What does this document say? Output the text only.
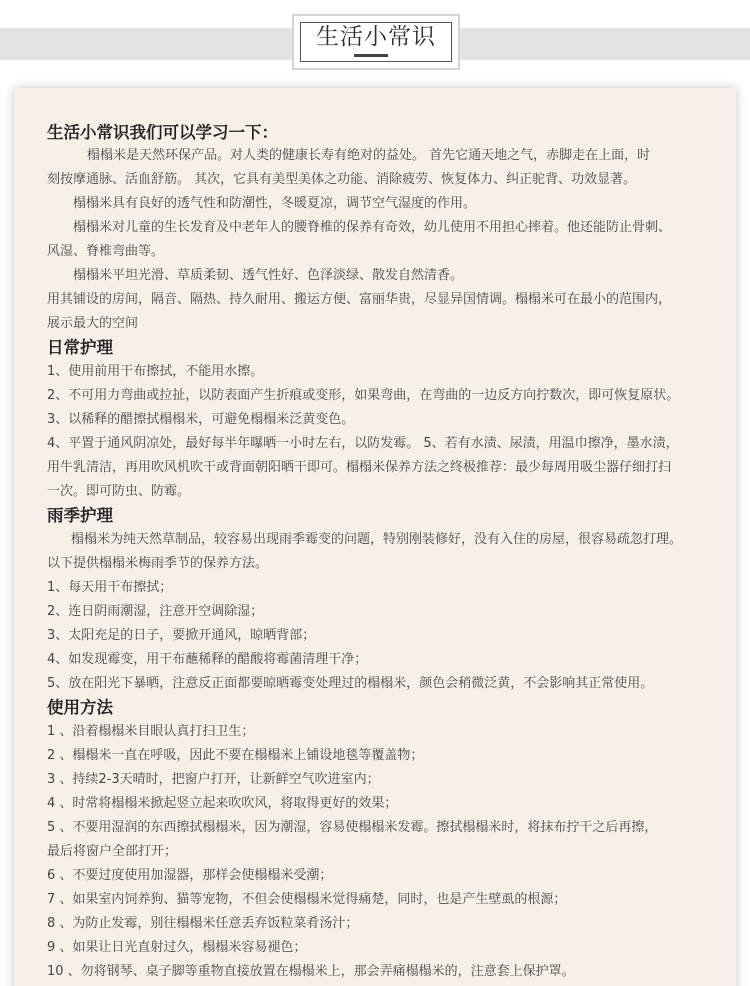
生活小常识
生活小常识我们可以学习一下：

榻榻米是天然环保产品。对人类的健康长寿有绝对的益处。 首先它通天地之气，赤脚走在上面，时

刻按摩通脉、活血舒筋。 其次，它具有美型美体之功能、消除疲劳、恢复体力、纠正驼背、功效显著。

榻榻米具有良好的透气性和防潮性，冬暖夏凉，调节空气湿度的作用。

榻榻米对儿童的生长发育及中老年人的腰脊椎的保养有奇效，幼儿使用不用担心摔着。他还能防止骨刺、

风湿、脊椎弯曲等。

榻榻米平坦光滑、草质柔韧、透气性好、色泽淡绿、散发自然清香。

用其铺设的房间，隔音、隔热、持久耐用、搬运方便、富丽华贵，尽显异国情调。榻榻米可在最小的范围内，

展示最大的空间

日常护理

1、使用前用干布擦拭，不能用水擦。

2、不可用力弯曲或拉扯，以防表面产生折痕或变形，如果弯曲，在弯曲的一边反方向拧数次，即可恢复原状。

3、以稀释的醋擦拭榻榻米，可避免榻榻米泛黄变色。

4、平置于通风阴凉处，最好每半年曝晒一小时左右，以防发霉。 5、若有水渍、尿渍，用温巾擦净，墨水渍，

用牛乳清洁，再用吹风机吹干或背面朝阳晒干即可。榻榻米保养方法之终极推荐：最少每周用吸尘器仔细打扫

一次。即可防虫、防霉。

雨季护理

榻榻米为纯天然草制品，较容易出现雨季霉变的问题，特别刚装修好，没有入住的房屋，很容易疏忽打理。

以下提供榻榻米梅雨季节的保养方法。

1、每天用干布擦拭；

2、连日阴雨潮湿，注意开空调除湿；

3、太阳充足的日子，要掀开通风，晾晒背部；

4、如发现霉变，用干布蘸稀释的醋酸将霉菌清理干净；

5、放在阳光下暴晒，注意反正面都要晾晒霉变处理过的榻榻米，颜色会稍微泛黄，不会影响其正常使用。

使用方法

1 、沿着榻榻米目眼认真打扫卫生；

2 、榻榻米一直在呼吸，因此不要在榻榻米上铺设地毯等覆盖物；

3 、持续2-3天晴时，把窗户打开，让新鲜空气吹进室内；

4 、时常将榻榻米掀起竖立起来吹吹风，将取得更好的效果；

5 、不要用湿润的东西擦拭榻榻米，因为潮湿，容易使榻榻米发霉。擦拭榻榻米时，将抹布拧干之后再擦，

最后将窗户全部打开；

6 、不要过度使用加湿器，那样会使榻榻米受潮；

7 、如果室内饲养狗、猫等宠物，不但会使榻榻米觉得痛楚，同时，也是产生壁虱的根源；

8 、为防止发霉，别往榻榻米任意丢弃饭粒菜肴汤汁；

9 、如果让日光直射过久，榻榻米容易褪色；

10 、勿将钢琴、桌子脚等重物直接放置在榻榻米上，那会弄痛榻榻米的，注意套上保护罩。
